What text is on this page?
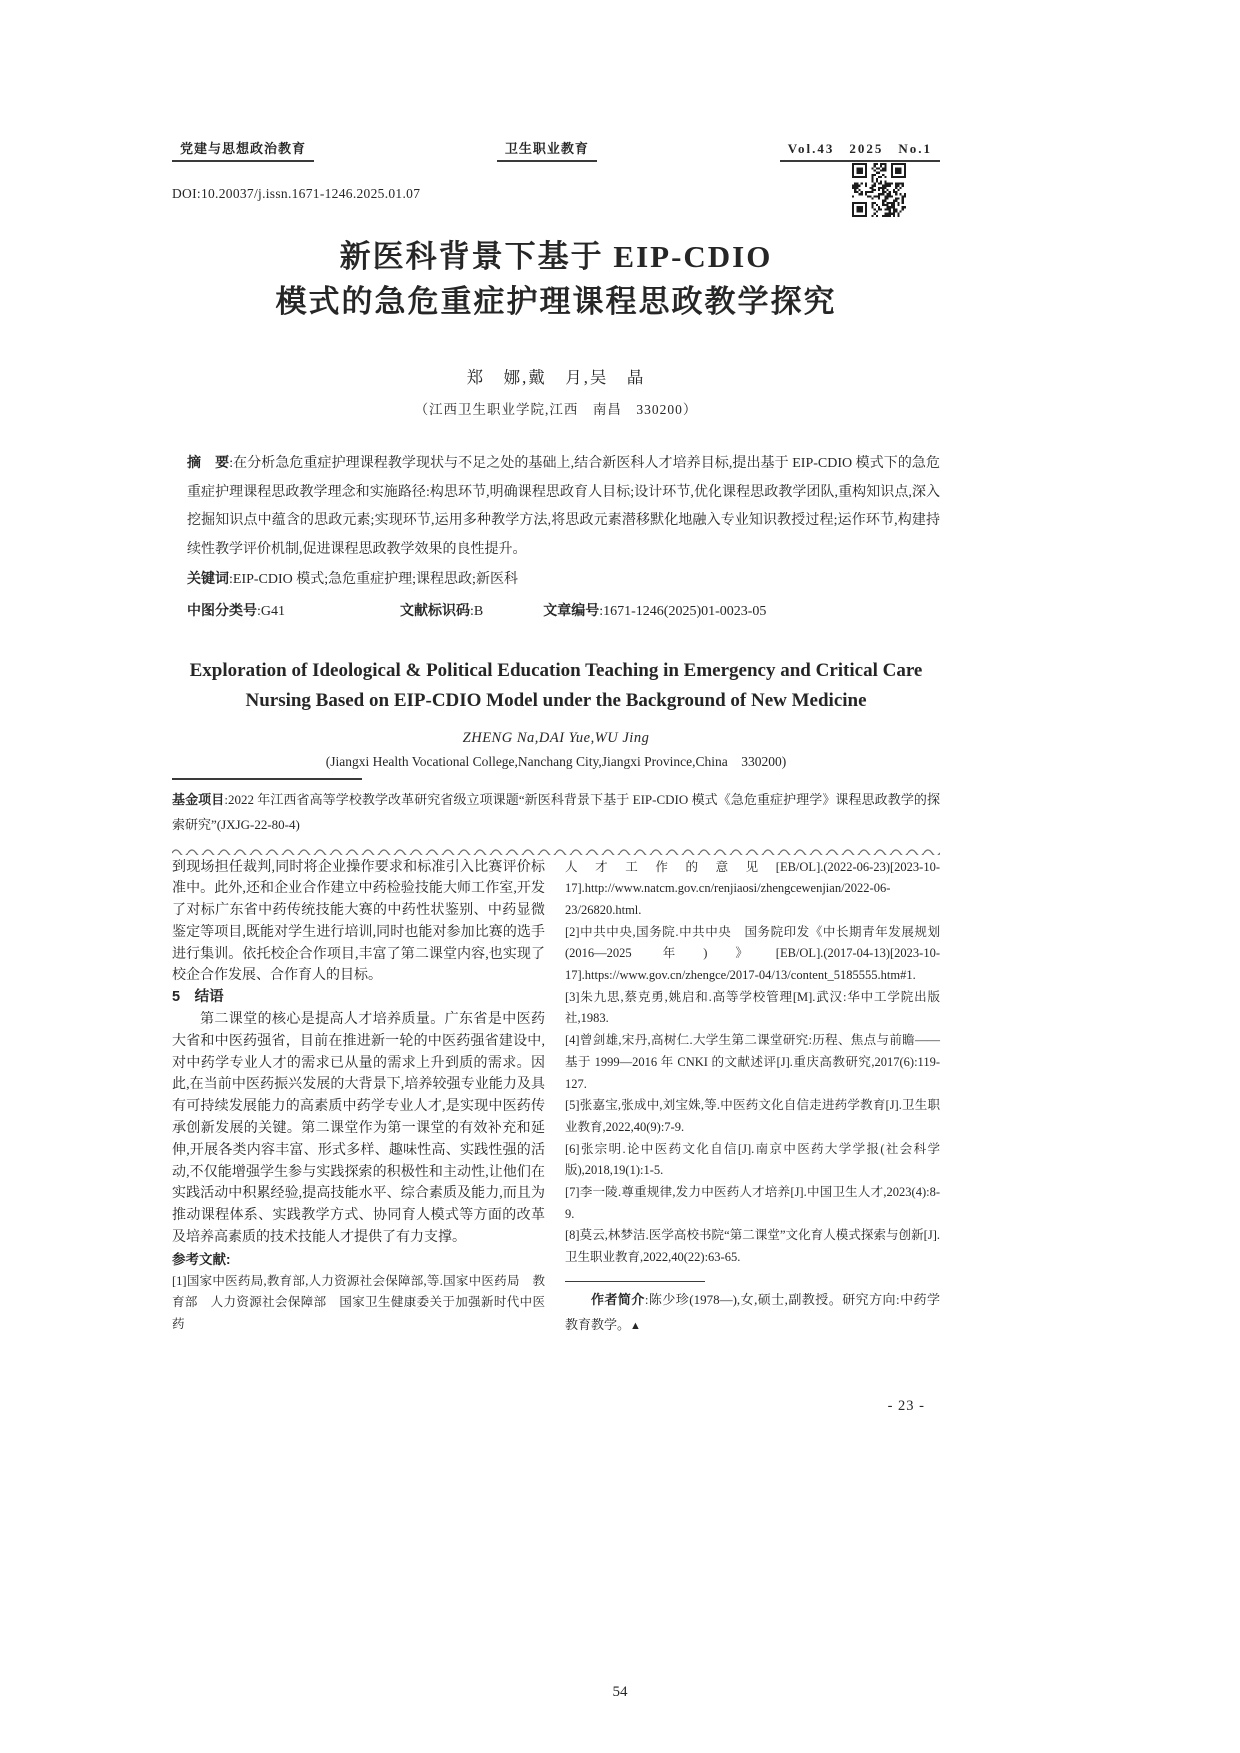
党建与思想政治教育	卫生职业教育	Vol.43　2025　No.1
DOI:10.20037/j.issn.1671-1246.2025.01.07
新医科背景下基于 EIP-CDIO
模式的急危重症护理课程思政教学探究
郑　娜,戴　月,吴　晶
（江西卫生职业学院,江西　南昌　330200）

摘　要:在分析急危重症护理课程教学现状与不足之处的基础上,结合新医科人才培养目标,提出基于 EIP-CDIO 模式下的急危重症护理课程思政教学理念和实施路径:构思环节,明确课程思政育人目标;设计环节,优化课程思政教学团队,重构知识点,深入挖掘知识点中蕴含的思政元素;实现环节,运用多种教学方法,将思政元素潜移默化地融入专业知识教授过程;运作环节,构建持续性教学评价机制,促进课程思政教学效果的良性提升。

关键词:EIP-CDIO 模式;急危重症护理;课程思政;新医科

中图分类号:G41	文献标识码:B	文章编号:1671-1246(2025)01-0023-05
Exploration of Ideological & Political Education Teaching in Emergency and Critical Care
Nursing Based on EIP-CDIO Model under the Background of New Medicine
ZHENG Na,DAI Yue,WU Jing
(Jiangxi Health Vocational College,Nanchang City,Jiangxi Province,China　330200)

基金项目:2022 年江西省高等学校教学改革研究省级立项课题“新医科背景下基于 EIP-CDIO 模式《急危重症护理学》课程思政教学的探索研究”(JXJG-22-80-4)

到现场担任裁判,同时将企业操作要求和标准引入比赛评价标准中。此外,还和企业合作建立中药检验技能大师工作室,开发了对标广东省中药传统技能大赛的中药性状鉴别、中药显微鉴定等项目,既能对学生进行培训,同时也能对参加比赛的选手进行集训。依托校企合作项目,丰富了第二课堂内容,也实现了校企合作发展、合作育人的目标。

5　结语

第二课堂的核心是提高人才培养质量。广东省是中医药大省和中医药强省，目前在推进新一轮的中医药强省建设中,对中药学专业人才的需求已从量的需求上升到质的需求。因此,在当前中医药振兴发展的大背景下,培养较强专业能力及具有可持续发展能力的高素质中药学专业人才,是实现中医药传承创新发展的关键。第二课堂作为第一课堂的有效补充和延伸,开展各类内容丰富、形式多样、趣味性高、实践性强的活动,不仅能增强学生参与实践探索的积极性和主动性,让他们在实践活动中积累经验,提高技能水平、综合素质及能力,而且为推动课程体系、实践教学方式、协同育人模式等方面的改革及培养高素质的技术技能人才提供了有力支撑。

参考文献:

[1]国家中医药局,教育部,人力资源社会保障部,等.国家中医药局　教育部　人力资源社会保障部　国家卫生健康委关于加强新时代中医药

人才工作的意见[EB/OL].(2022-06-23)[2023-10-17].http://www.natcm.gov.cn/renjiaosi/zhengcewenjian/2022-06-23/26820.html.

[2]中共中央,国务院.中共中央　国务院印发《中长期青年发展规划(2016—2025 年)》[EB/OL].(2017-04-13)[2023-10-17].https://www.gov.cn/zhengce/2017-04/13/content_5185555.htm#1.

[3]朱九思,蔡克勇,姚启和.高等学校管理[M].武汉:华中工学院出版社,1983.

[4]曾剑雄,宋丹,高树仁.大学生第二课堂研究:历程、焦点与前瞻——基于 1999—2016 年 CNKI 的文献述评[J].重庆高教研究,2017(6):119-127.

[5]张嘉宝,张成中,刘宝姝,等.中医药文化自信走进药学教育[J].卫生职业教育,2022,40(9):7-9.

[6]张宗明.论中医药文化自信[J].南京中医药大学学报(社会科学版),2018,19(1):1-5.

[7]李一陵.尊重规律,发力中医药人才培养[J].中国卫生人才,2023(4):8-9.

[8]莫云,林梦洁.医学高校书院“第二课堂”文化育人模式探索与创新[J].卫生职业教育,2022,40(22):63-65.

作者简介:陈少珍(1978—),女,硕士,副教授。研究方向:中药学教育教学。▲

- 23 -
54
